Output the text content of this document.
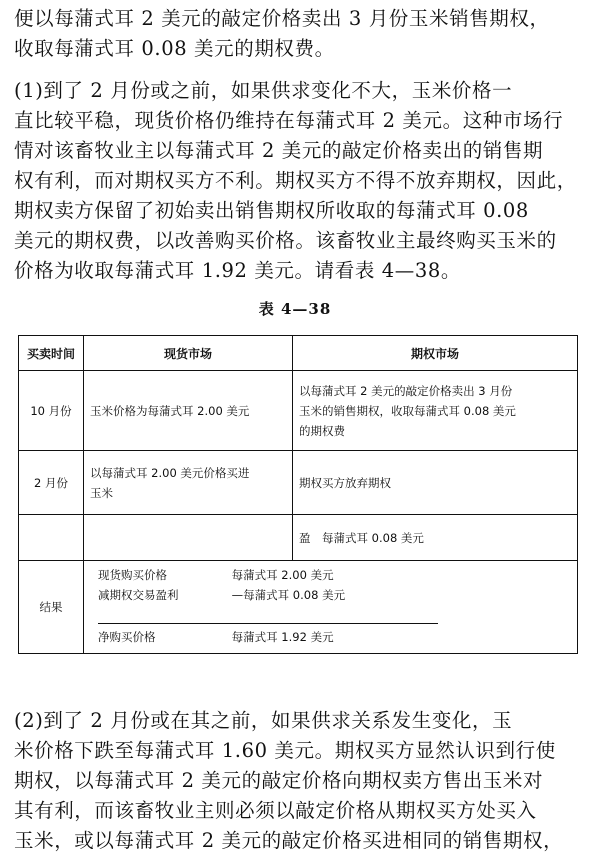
便以每蒲式耳 2 美元的敲定价格卖出 3 月份玉米销售期权，
收取每蒲式耳 0.08 美元的期权费。
(1)到了 2 月份或之前，如果供求变化不大，玉米价格一
直比较平稳，现货价格仍维持在每蒲式耳 2 美元。这种市场行
情对该畜牧业主以每蒲式耳 2 美元的敲定价格卖出的销售期
权有利，而对期权买方不利。期权买方不得不放弃期权，因此，
期权卖方保留了初始卖出销售期权所收取的每蒲式耳 0.08
美元的期权费，以改善购买价格。该畜牧业主最终购买玉米的
价格为收取每蒲式耳 1.92 美元。请看表 4—38。
表 4—38
买卖时间	现货市场	期权市场
10 月份	玉米价格为每蒲式耳 2.00 美元	以每蒲式耳 2 美元的敲定价格卖出 3 月份
玉米的销售期权，收取每蒲式耳 0.08 美元
的期权费

2 月份	以每蒲式耳 2.00 美元价格买进
玉米	期权买方放弃期权

		盈　每蒲式耳 0.08 美元

结果	现货购买价格 每蒲式耳 2.00 美元
减期权交易盈利 —每蒲式耳 0.08 美元
净购买价格 每蒲式耳 1.92 美元	
(2)到了 2 月份或在其之前，如果供求关系发生变化，玉
米价格下跌至每蒲式耳 1.60 美元。期权买方显然认识到行使
期权，以每蒲式耳 2 美元的敲定价格向期权卖方售出玉米对
其有利，而该畜牧业主则必须以敲定价格从期权买方处买入
玉米，或以每蒲式耳 2 美元的敲定价格买进相同的销售期权，
